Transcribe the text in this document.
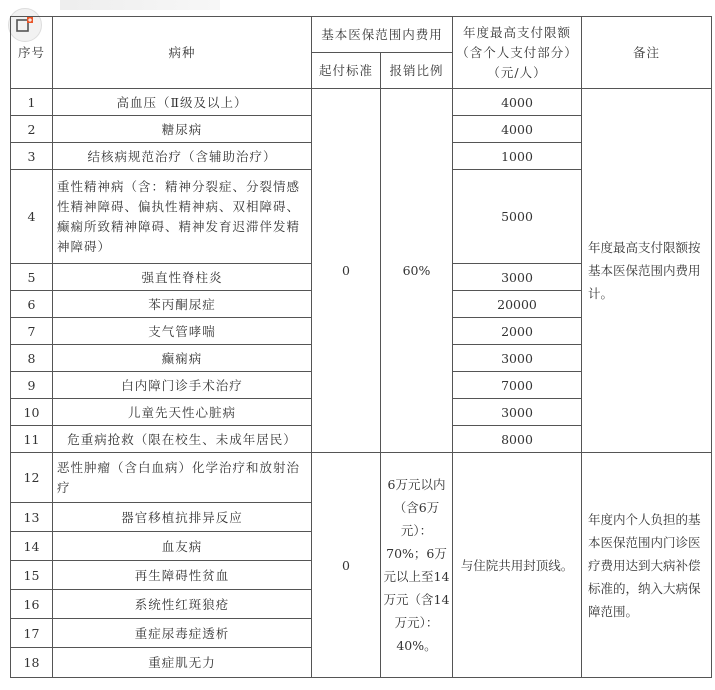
序号	病种	基本医保范围内费用		年度最高支付限额（含个人支付部分）（元/人）	备注
		起付标准	报销比例		
1	高血压（Ⅱ级及以上）	0	60%	4000	年度最高支付限额按基本医保范围内费用计。
2	糖尿病			4000	
3	结核病规范治疗（含辅助治疗）			1000	
4	重性精神病（含：精神分裂症、分裂情感性精神障碍、偏执性精神病、双相障碍、癫痫所致精神障碍、精神发育迟滞伴发精神障碍）			5000	
5	强直性脊柱炎			3000	
6	苯丙酮尿症			20000	
7	支气管哮喘			2000	
8	癫痫病			3000	
9	白内障门诊手术治疗			7000	
10	儿童先天性心脏病			3000	
11	危重病抢救（限在校生、未成年居民）			8000	
12	恶性肿瘤（含白血病）化学治疗和放射治疗	0	6万元以内（含6万元）：70%；6万元以上至14万元（含14万元）：40%。	与住院共用封顶线。	年度内个人负担的基本医保范围内门诊医疗费用达到大病补偿标准的，纳入大病保障范围。
13	器官移植抗排异反应				
14	血友病				
15	再生障碍性贫血				
16	系统性红斑狼疮				
17	重症尿毒症透析				
18	重症肌无力				
